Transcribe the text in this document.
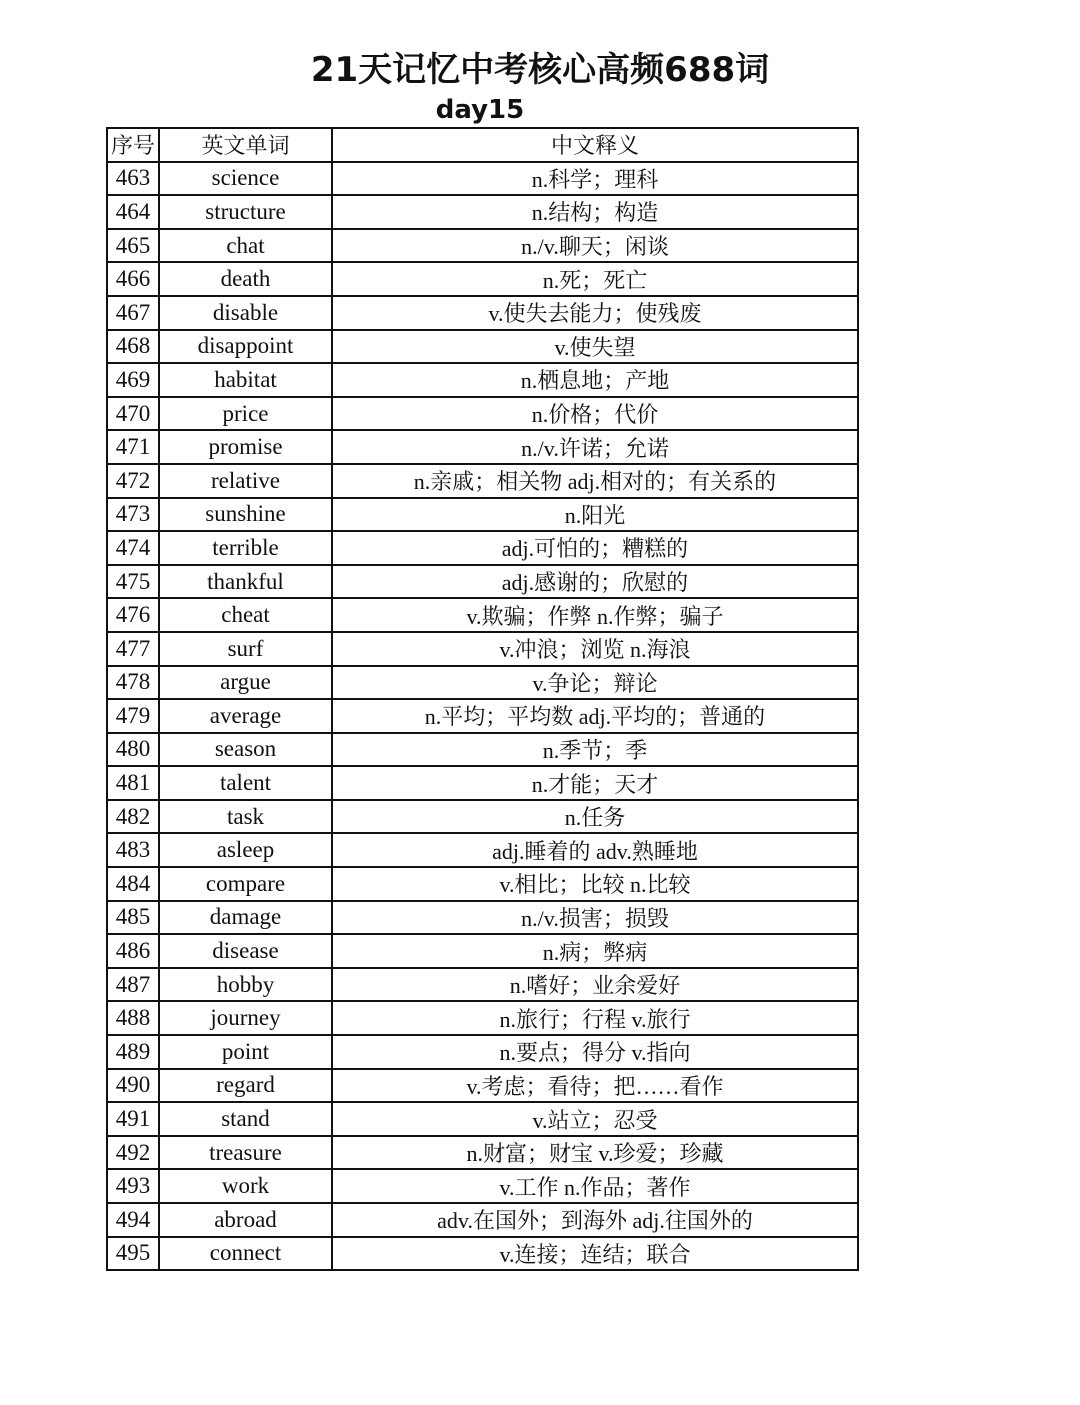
21天记忆中考核心高频688词
day15
序号	英文单词	中文释义
463	science	n.科学；理科
464	structure	n.结构；构造
465	chat	n./v.聊天；闲谈
466	death	n.死；死亡
467	disable	v.使失去能力；使残废
468	disappoint	v.使失望
469	habitat	n.栖息地；产地
470	price	n.价格；代价
471	promise	n./v.许诺；允诺
472	relative	n.亲戚；相关物 adj.相对的；有关系的
473	sunshine	n.阳光
474	terrible	adj.可怕的；糟糕的
475	thankful	adj.感谢的；欣慰的
476	cheat	v.欺骗；作弊 n.作弊；骗子
477	surf	v.冲浪；浏览 n.海浪
478	argue	v.争论；辩论
479	average	n.平均；平均数 adj.平均的；普通的
480	season	n.季节；季
481	talent	n.才能；天才
482	task	n.任务
483	asleep	adj.睡着的 adv.熟睡地
484	compare	v.相比；比较 n.比较
485	damage	n./v.损害；损毁
486	disease	n.病；弊病
487	hobby	n.嗜好；业余爱好
488	journey	n.旅行；行程 v.旅行
489	point	n.要点；得分 v.指向
490	regard	v.考虑；看待；把……看作
491	stand	v.站立；忍受
492	treasure	n.财富；财宝 v.珍爱；珍藏
493	work	v.工作 n.作品；著作
494	abroad	adv.在国外；到海外 adj.往国外的
495	connect	v.连接；连结；联合
